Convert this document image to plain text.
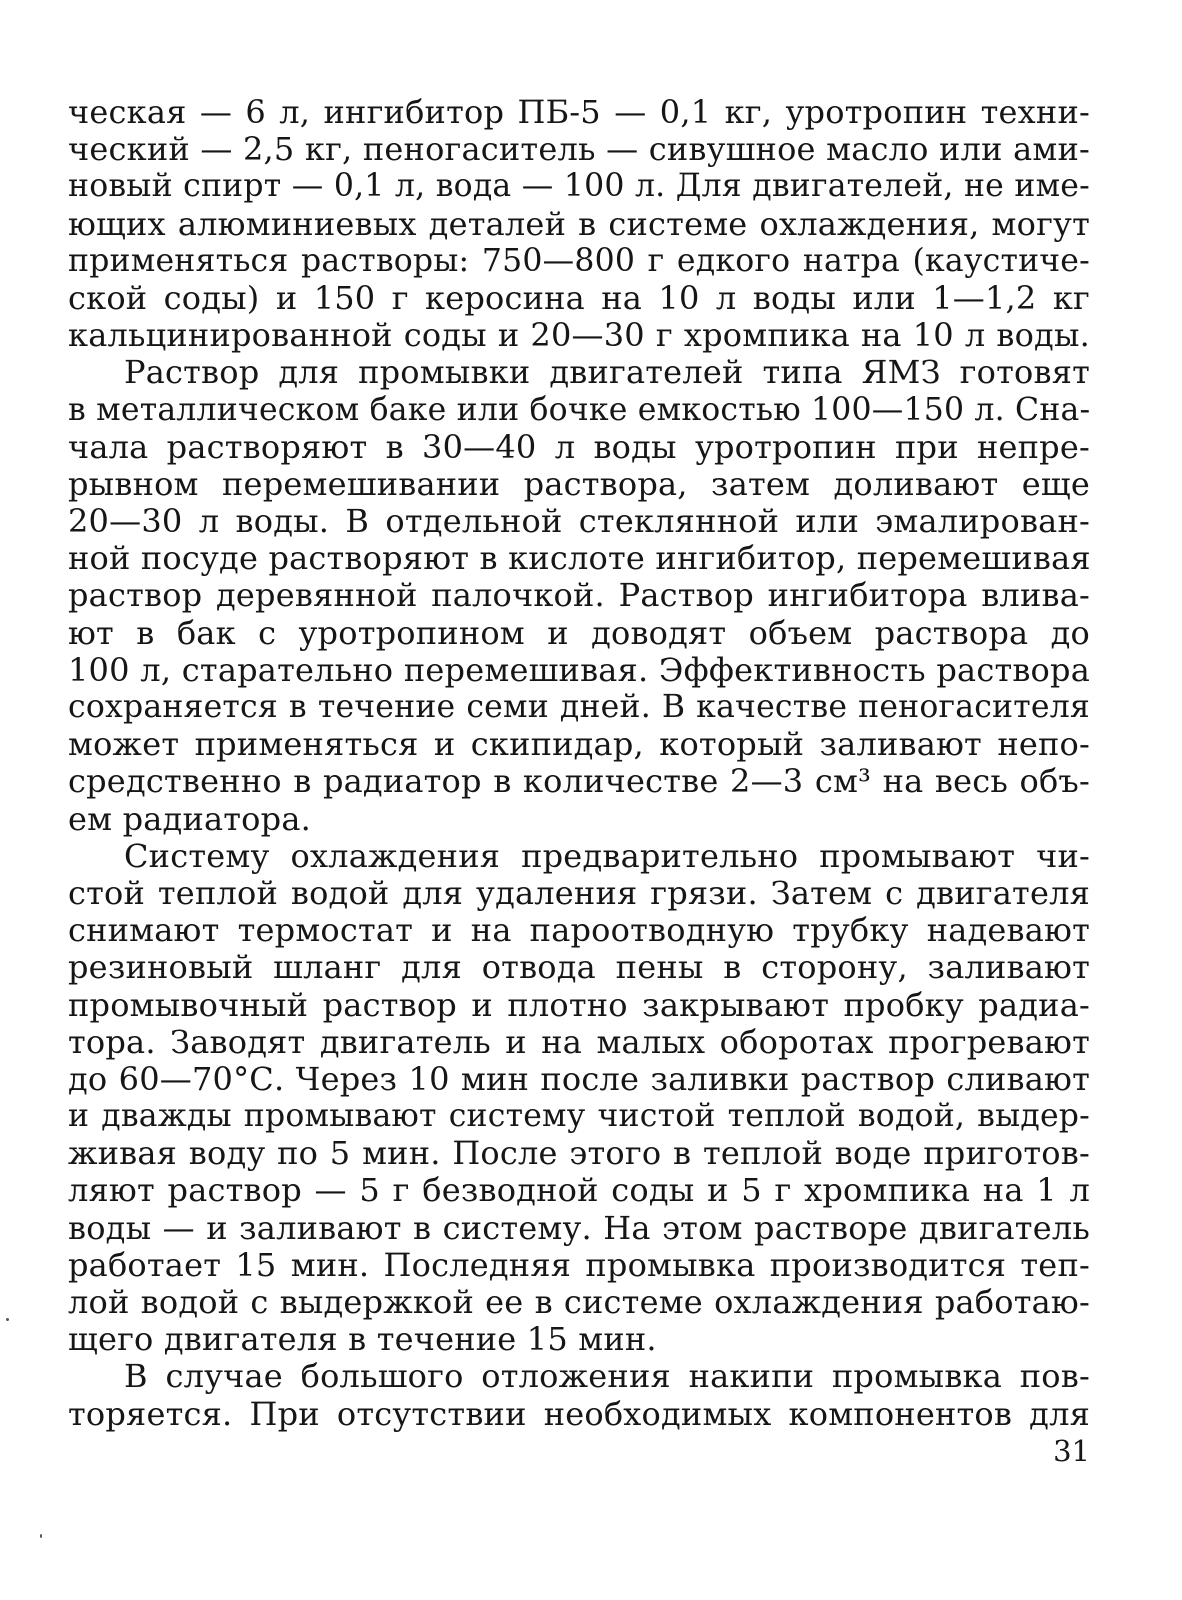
ческая — 6 л, ингибитор ПБ-5 — 0,1 кг, уротропин техни-
ческий — 2,5 кг, пеногаситель — сивушное масло или ами-
новый спирт — 0,1 л, вода — 100 л. Для двигателей, не име-
ющих алюминиевых деталей в системе охлаждения, могут
применяться растворы: 750—800 г едкого натра (каустиче-
ской соды) и 150 г керосина на 10 л воды или 1—1,2 кг
кальцинированной соды и 20—30 г хромпика на 10 л воды.
Раствор для промывки двигателей типа ЯМЗ готовят
в металлическом баке или бочке емкостью 100—150 л. Сна-
чала растворяют в 30—40 л воды уротропин при непре-
рывном перемешивании раствора, затем доливают еще
20—30 л воды. В отдельной стеклянной или эмалирован-
ной посуде растворяют в кислоте ингибитор, перемешивая
раствор деревянной палочкой. Раствор ингибитора влива-
ют в бак с уротропином и доводят объем раствора до
100 л, старательно перемешивая. Эффективность раствора
сохраняется в течение семи дней. В качестве пеногасителя
может применяться и скипидар, который заливают непо-
средственно в радиатор в количестве 2—3 см³ на весь объ-
ем радиатора.
Систему охлаждения предварительно промывают чи-
стой теплой водой для удаления грязи. Затем с двигателя
снимают термостат и на пароотводную трубку надевают
резиновый шланг для отвода пены в сторону, заливают
промывочный раствор и плотно закрывают пробку радиа-
тора. Заводят двигатель и на малых оборотах прогревают
до 60—70°С. Через 10 мин после заливки раствор сливают
и дважды промывают систему чистой теплой водой, выдер-
живая воду по 5 мин. После этого в теплой воде приготов-
ляют раствор — 5 г безводной соды и 5 г хромпика на 1 л
воды — и заливают в систему. На этом растворе двигатель
работает 15 мин. Последняя промывка производится теп-
лой водой с выдержкой ее в системе охлаждения работаю-
щего двигателя в течение 15 мин.
В случае большого отложения накипи промывка пов-
торяется. При отсутствии необходимых компонентов для
31
